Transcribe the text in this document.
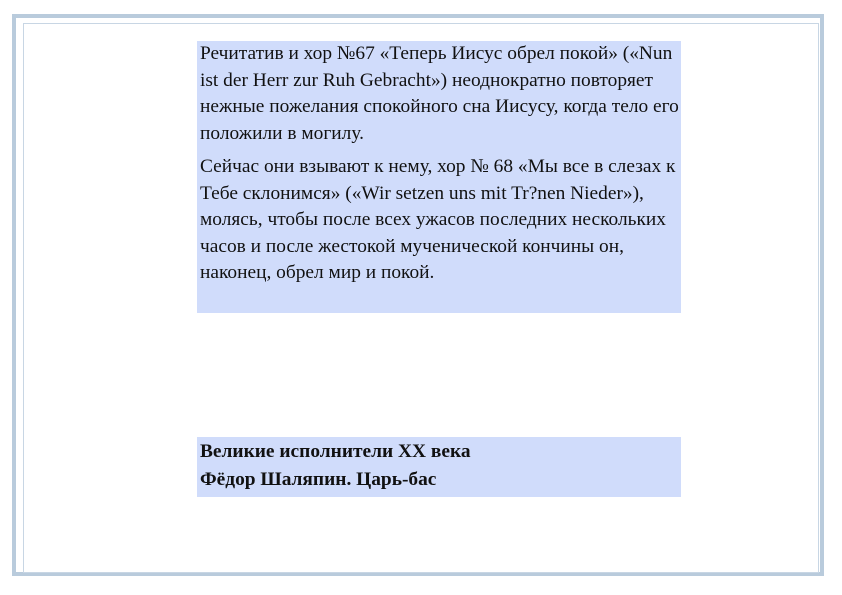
Речитатив и хор №67 «Теперь Иисус обрел покой» («Nun ist der Herr zur Ruh Gebracht») неоднократно повторяет нежные пожелания спокойного сна Иисусу, когда тело его положили в могилу.

Сейчас они взывают к нему, хор № 68 «Мы все в слезах к Тебе склонимся» («Wir setzen uns mit Tr?nen Nieder»), молясь, чтобы после всех ужасов последних нескольких часов и после жестокой мученической кончины он, наконец, обрел мир и покой.

Великие исполнители XX века
Фёдор Шаляпин. Царь-бас
